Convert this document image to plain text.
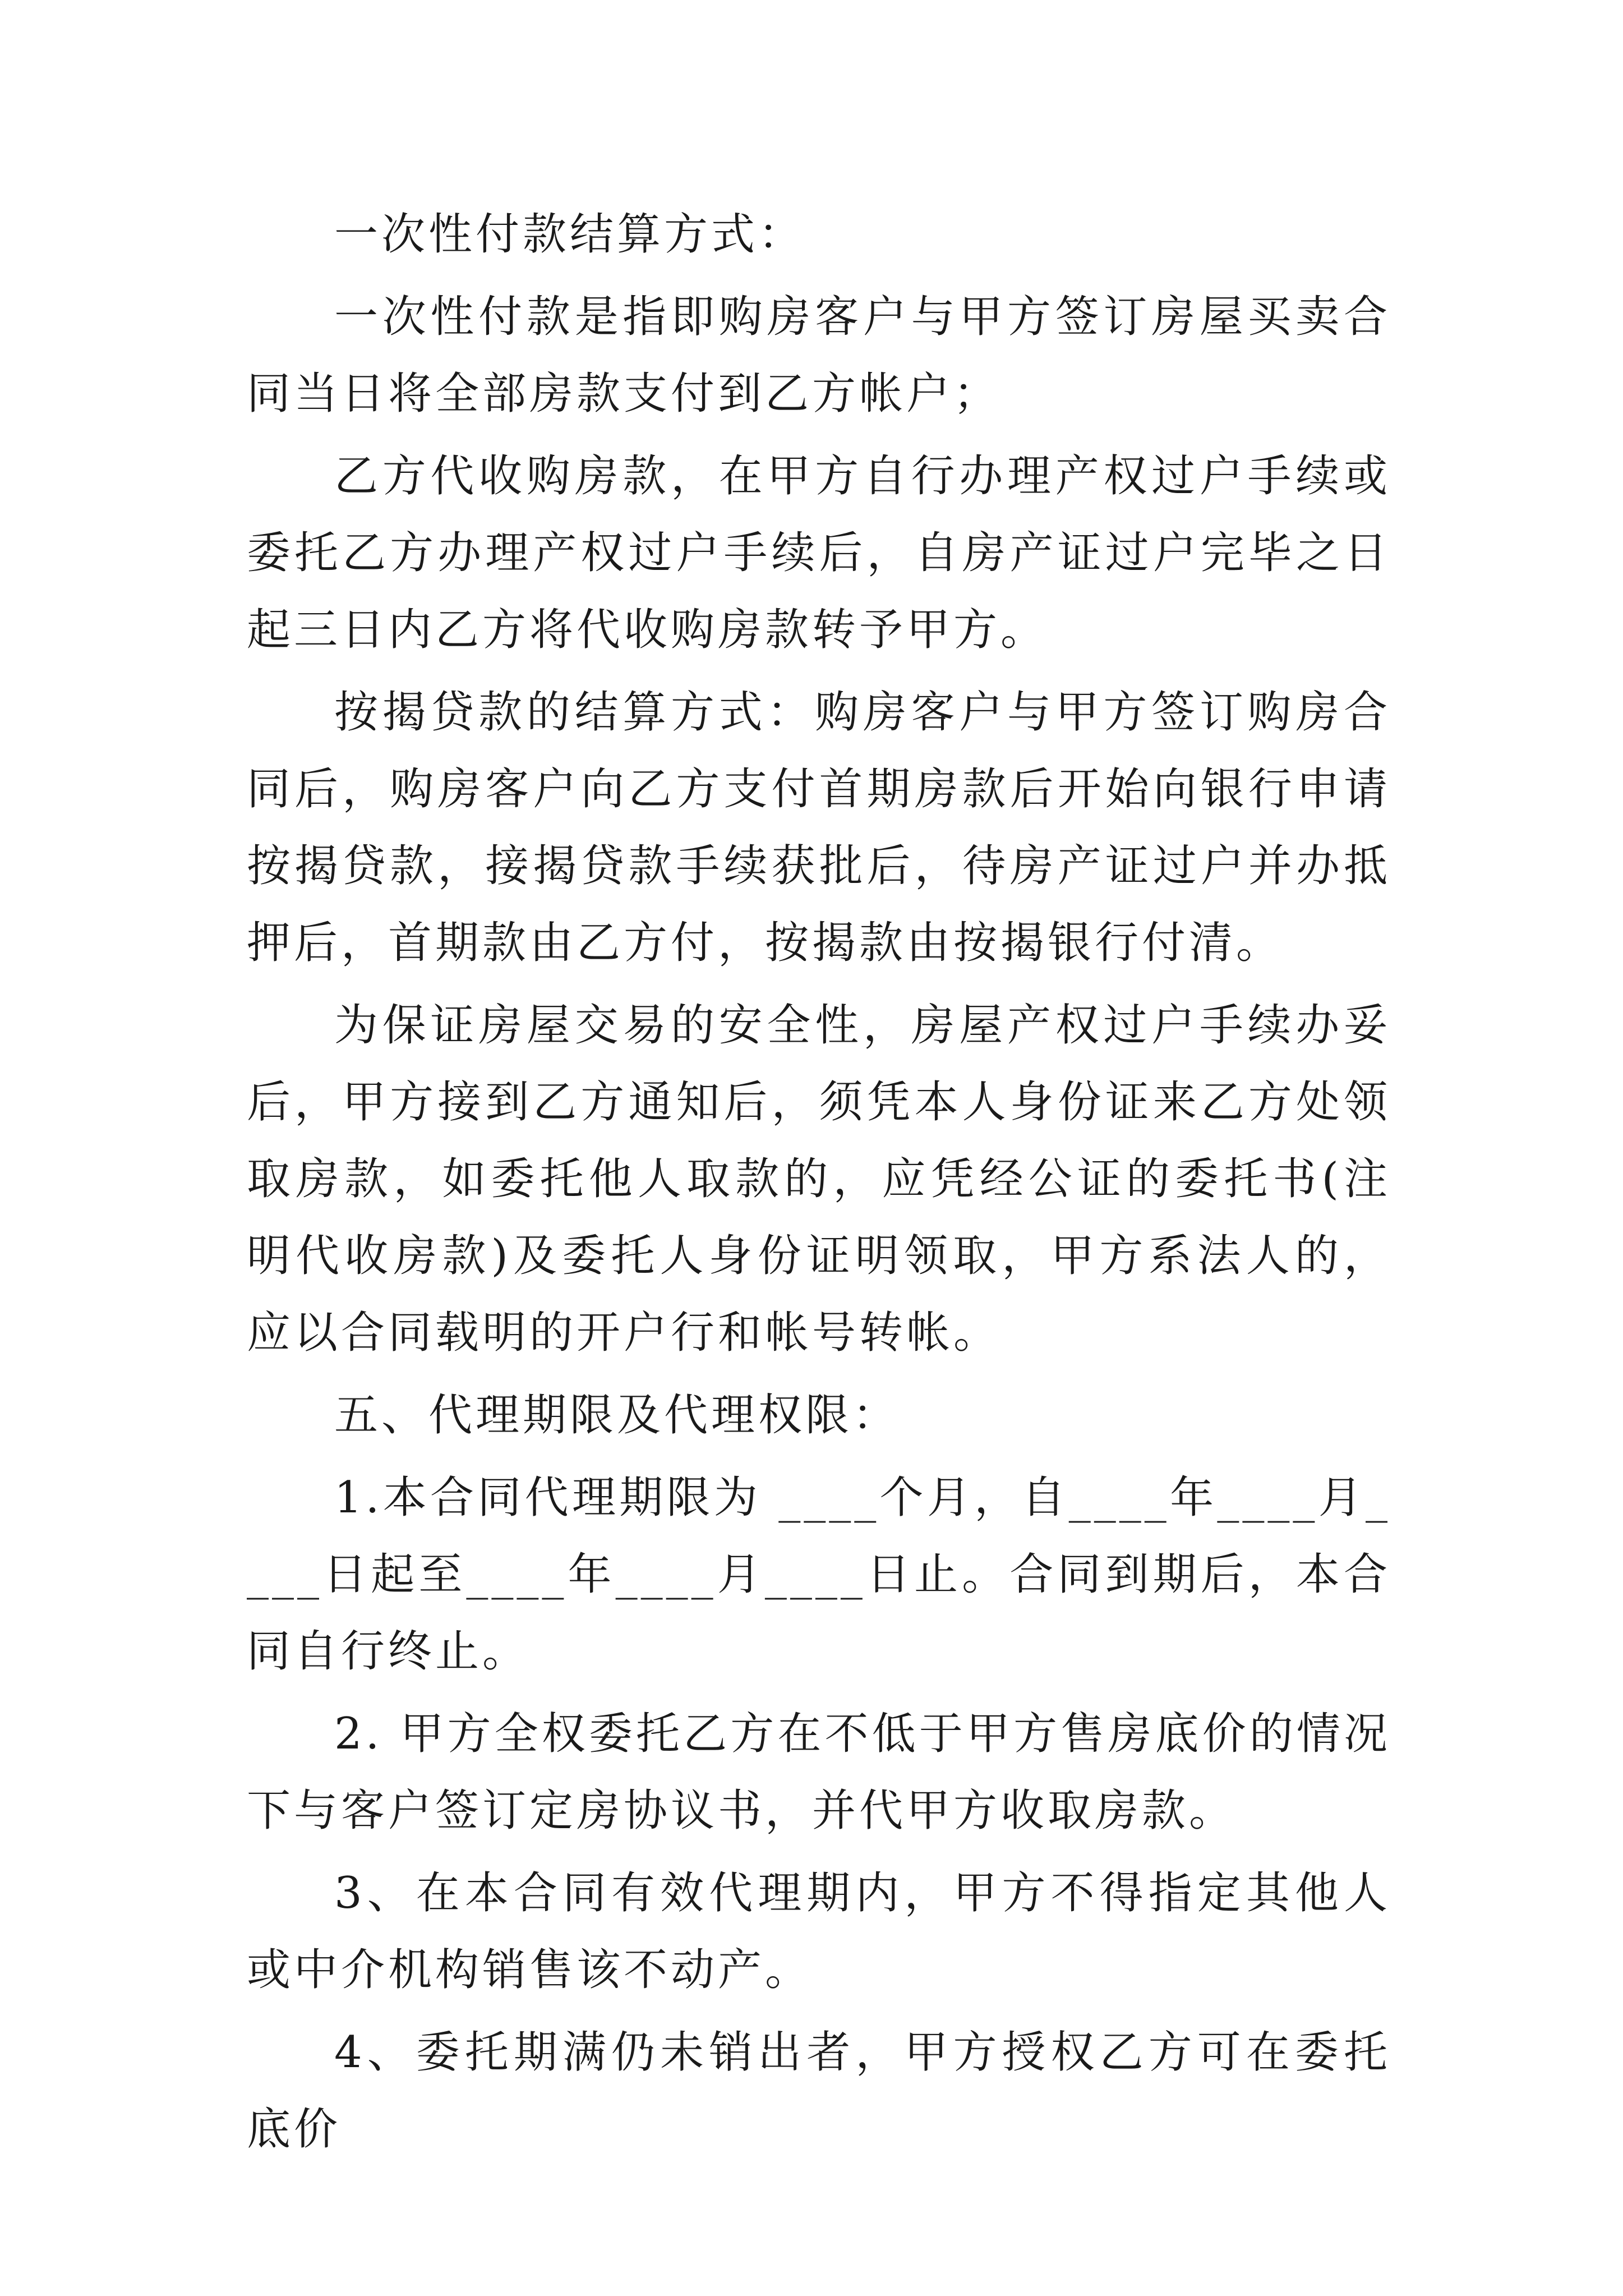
一次性付款结算方式：

一次性付款是指即购房客户与甲方签订房屋买卖合同当日将全部房款支付到乙方帐户；

乙方代收购房款，在甲方自行办理产权过户手续或委托乙方办理产权过户手续后，自房产证过户完毕之日起三日内乙方将代收购房款转予甲方。

按揭贷款的结算方式：购房客户与甲方签订购房合同后，购房客户向乙方支付首期房款后开始向银行申请按揭贷款，接揭贷款手续获批后，待房产证过户并办抵押后，首期款由乙方付，按揭款由按揭银行付清。

为保证房屋交易的安全性，房屋产权过户手续办妥后，甲方接到乙方通知后，须凭本人身份证来乙方处领取房款，如委托他人取款的，应凭经公证的委托书(注明代收房款)及委托人身份证明领取，甲方系法人的，应以合同载明的开户行和帐号转帐。

五、代理期限及代理权限：

1.本合同代理期限为 ____个月，自____年____月____日起至____年____月____日止。合同到期后，本合同自行终止。

2. 甲方全权委托乙方在不低于甲方售房底价的情况下与客户签订定房协议书，并代甲方收取房款。

3、在本合同有效代理期内，甲方不得指定其他人或中介机构销售该不动产。

4、委托期满仍未销出者，甲方授权乙方可在委托底价
